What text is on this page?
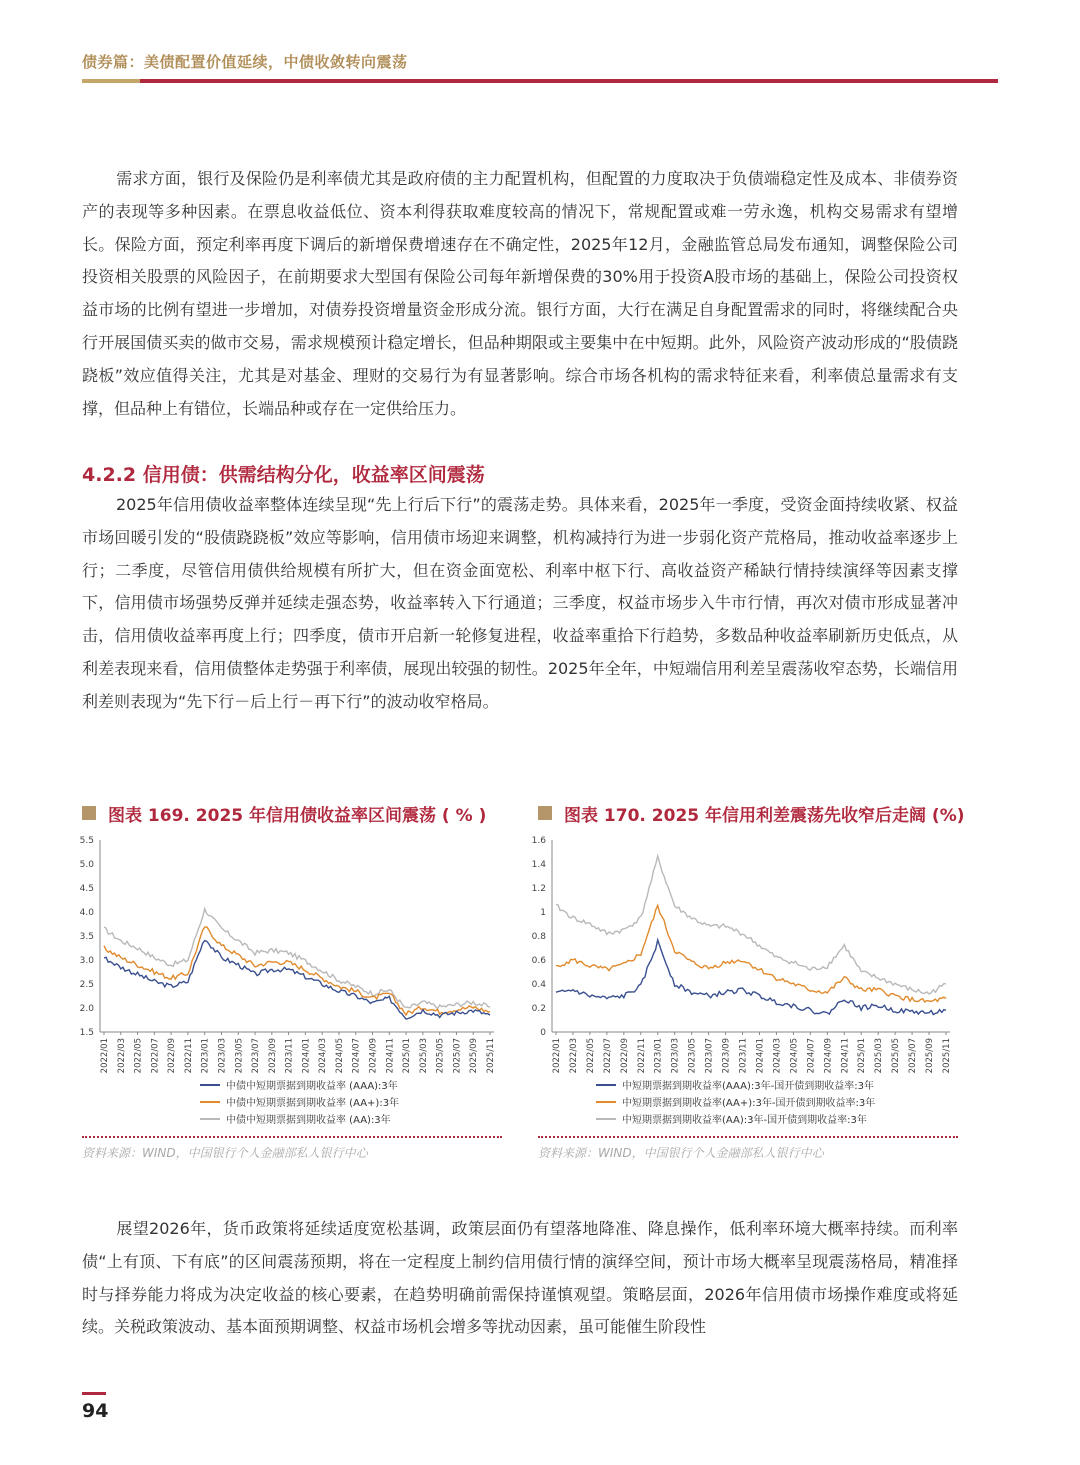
债券篇：美债配置价值延续，中债收敛转向震荡

需求方面，银行及保险仍是利率债尤其是政府债的主力配置机构，但配置的力度取决于负债端稳定性及成本、非债券资产的表现等多种因素。在票息收益低位、资本利得获取难度较高的情况下，常规配置或难一劳永逸，机构交易需求有望增长。保险方面，预定利率再度下调后的新增保费增速存在不确定性，2025年12月，金融监管总局发布通知，调整保险公司投资相关股票的风险因子，在前期要求大型国有保险公司每年新增保费的30%用于投资A股市场的基础上，保险公司投资权益市场的比例有望进一步增加，对债券投资增量资金形成分流。银行方面，大行在满足自身配置需求的同时，将继续配合央行开展国债买卖的做市交易，需求规模预计稳定增长，但品种期限或主要集中在中短期。此外，风险资产波动形成的“股债跷跷板”效应值得关注，尤其是对基金、理财的交易行为有显著影响。综合市场各机构的需求特征来看，利率债总量需求有支撑，但品种上有错位，长端品种或存在一定供给压力。

4.2.2 信用债：供需结构分化，收益率区间震荡

2025年信用债收益率整体连续呈现“先上行后下行”的震荡走势。具体来看，2025年一季度，受资金面持续收紧、权益市场回暖引发的“股债跷跷板”效应等影响，信用债市场迎来调整，机构减持行为进一步弱化资产荒格局，推动收益率逐步上行；二季度，尽管信用债供给规模有所扩大，但在资金面宽松、利率中枢下行、高收益资产稀缺行情持续演绎等因素支撑下，信用债市场强势反弹并延续走强态势，收益率转入下行通道；三季度，权益市场步入牛市行情，再次对债市形成显著冲击，信用债收益率再度上行；四季度，债市开启新一轮修复进程，收益率重拾下行趋势，多数品种收益率刷新历史低点，从利差表现来看，信用债整体走势强于利率债，展现出较强的韧性。2025年全年，中短端信用利差呈震荡收窄态势，长端信用利差则表现为“先下行－后上行－再下行”的波动收窄格局。

图表 169. 2025 年信用债收益率区间震荡 ( % )
5.5
5.0
4.5
4.0
3.5
3.0
2.5
2.0
1.5
2022/01 2022/03 2022/05 2022/07 2022/09 2022/11 2023/01 2023/03 2023/05 2023/07 2023/09 2023/11 2024/01 2024/03 2024/05 2024/07 2024/09 2024/11 2025/01 2025/03 2025/05 2025/07 2025/09 2025/11
中债中短期票据到期收益率 (AAA):3年
中债中短期票据到期收益率 (AA+):3年
中债中短期票据到期收益率 (AA):3年
资料来源：WIND，中国银行个人金融部私人银行中心
图表 170. 2025 年信用利差震荡先收窄后走阔 (%)
1.6
1.4
1.2
1
0.8
0.6
0.4
0.2
0
2022/01 2022/03 2022/05 2022/07 2022/09 2022/11 2023/01 2023/03 2023/05 2023/07 2023/09 2023/11 2024/01 2024/03 2024/05 2024/07 2024/09 2024/11 2025/01 2025/03 2025/05 2025/07 2025/09 2025/11
中短期票据到期收益率(AAA):3年-国开债到期收益率:3年
中短期票据到期收益率(AA+):3年-国开债到期收益率:3年
中短期票据到期收益率(AA):3年-国开债到期收益率:3年
资料来源：WIND，中国银行个人金融部私人银行中心

展望2026年，货币政策将延续适度宽松基调，政策层面仍有望落地降准、降息操作，低利率环境大概率持续。而利率债“上有顶、下有底”的区间震荡预期，将在一定程度上制约信用债行情的演绎空间，预计市场大概率呈现震荡格局，精准择时与择券能力将成为决定收益的核心要素，在趋势明确前需保持谨慎观望。策略层面，2026年信用债市场操作难度或将延续。关税政策波动、基本面预期调整、权益市场机会增多等扰动因素，虽可能催生阶段性

94
